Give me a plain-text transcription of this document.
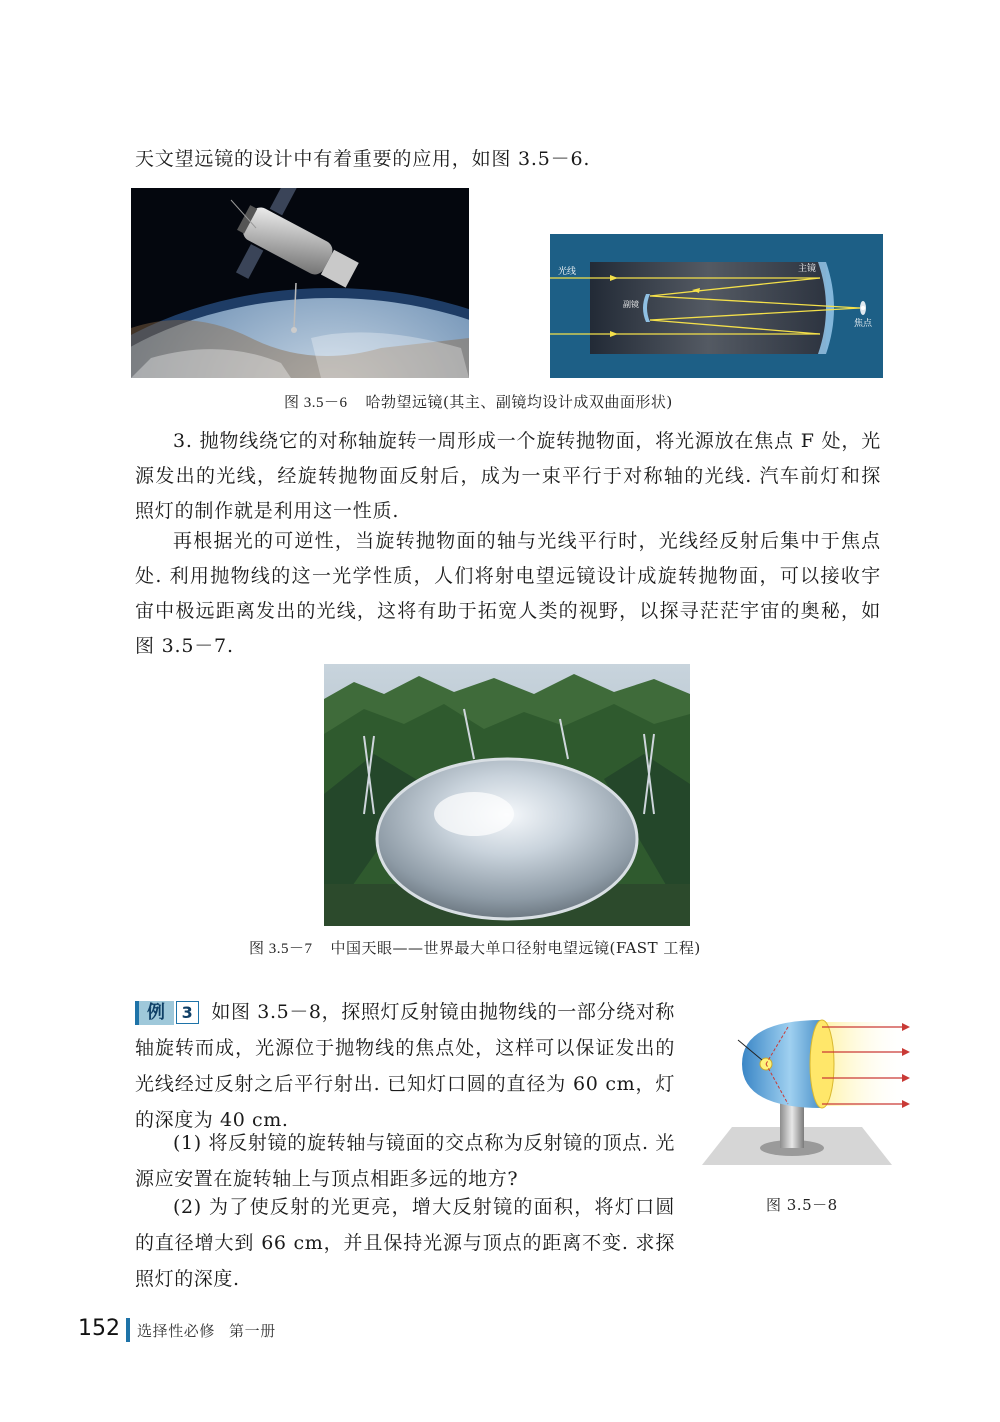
天文望远镜的设计中有着重要的应用，如图 3.5－6.

光线	主镜
副镜
焦点
图 3.5－6 哈勃望远镜(其主、副镜均设计成双曲面形状)

3. 抛物线绕它的对称轴旋转一周形成一个旋转抛物面，将光源放在焦点 F 处，光源发出的光线，经旋转抛物面反射后，成为一束平行于对称轴的光线. 汽车前灯和探照灯的制作就是利用这一性质.

再根据光的可逆性，当旋转抛物面的轴与光线平行时，光线经反射后集中于焦点处. 利用抛物线的这一光学性质，人们将射电望远镜设计成旋转抛物面，可以接收宇宙中极远距离发出的光线，这将有助于拓宽人类的视野，以探寻茫茫宇宙的奥秘，如图 3.5－7.

图 3.5－7 中国天眼——世界最大单口径射电望远镜(FAST 工程)

例 3 如图 3.5－8，探照灯反射镜由抛物线的一部分绕对称轴旋转而成，光源位于抛物线的焦点处，这样可以保证发出的光线经过反射之后平行射出. 已知灯口圆的直径为 60 cm，灯的深度为 40 cm.

(1) 将反射镜的旋转轴与镜面的交点称为反射镜的顶点. 光源应安置在旋转轴上与顶点相距多远的地方?

(2) 为了使反射的光更亮，增大反射镜的面积，将灯口圆的直径增大到 66 cm，并且保持光源与顶点的距离不变. 求探照灯的深度.

图 3.5－8
152 选择性必修 第一册
